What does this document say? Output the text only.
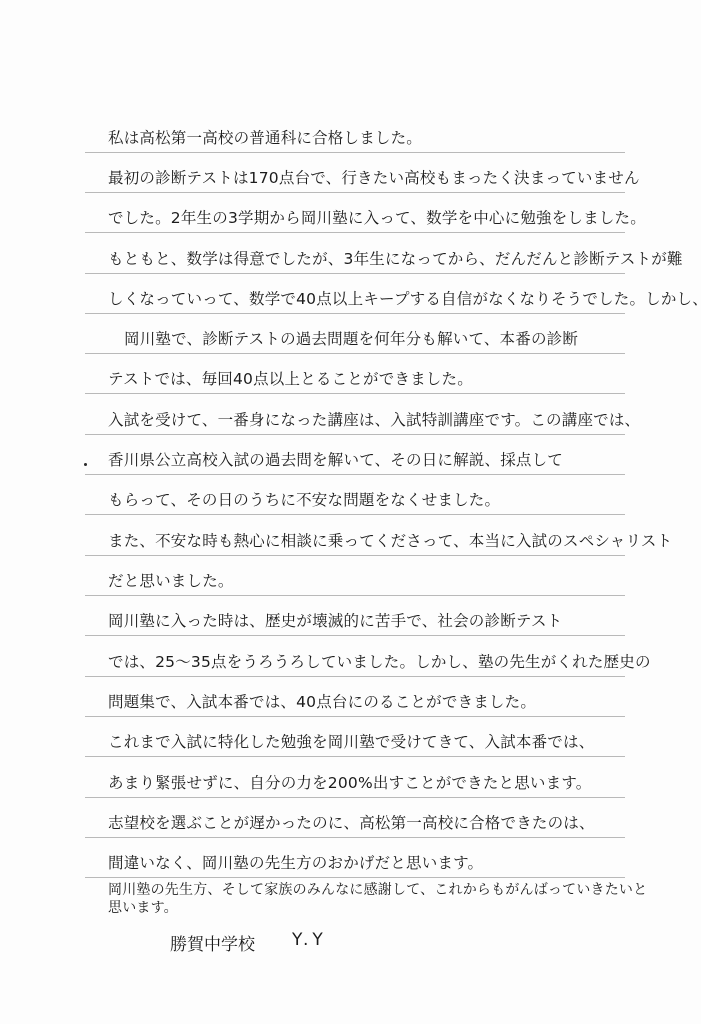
私は高松第一高校の普通科に合格しました。
最初の診断テストは170点台で、行きたい高校もまったく決まっていません
でした。2年生の3学期から岡川塾に入って、数学を中心に勉強をしました。
もともと、数学は得意でしたが、3年生になってから、だんだんと診断テストが難
しくなっていって、数学で40点以上キープする自信がなくなりそうでした。しかし、
岡川塾で、診断テストの過去問題を何年分も解いて、本番の診断
テストでは、毎回40点以上とることができました。
入試を受けて、一番身になった講座は、入試特訓講座です。この講座では、
香川県公立高校入試の過去問を解いて、その日に解説、採点して
もらって、その日のうちに不安な問題をなくせました。
また、不安な時も熱心に相談に乗ってくださって、本当に入試のスペシャリスト
だと思いました。
岡川塾に入った時は、歴史が壊滅的に苦手で、社会の診断テスト
では、25～35点をうろうろしていました。しかし、塾の先生がくれた歴史の
問題集で、入試本番では、40点台にのることができました。
これまで入試に特化した勉強を岡川塾で受けてきて、入試本番では、
あまり緊張せずに、自分の力を200%出すことができたと思います。
志望校を選ぶことが遅かったのに、高松第一高校に合格できたのは、
間違いなく、岡川塾の先生方のおかげだと思います。
岡川塾の先生方、そして家族のみんなに感謝して、これからもがんばっていきたいと
思います。
勝賀中学校 Y.Y
